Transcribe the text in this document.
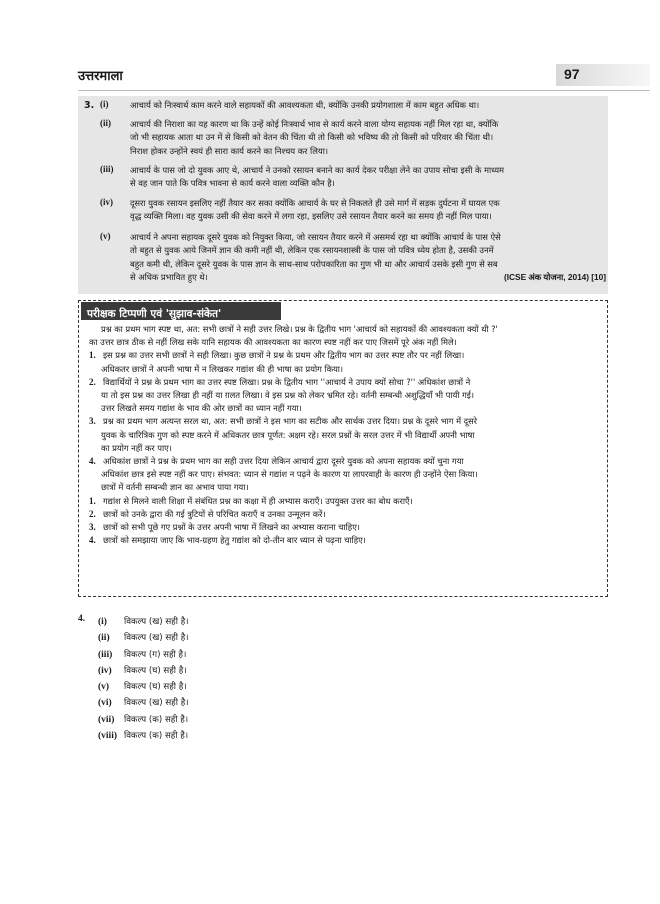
उत्तरमाला	97
3. (i)	आचार्य को निःस्वार्थ काम करने वाले सहायकों की आवश्यकता थी, क्योंकि उनकी प्रयोगशाला में काम बहुत अधिक था।
(ii) आचार्य की निराशा का यह कारण था कि उन्हें कोई निःस्वार्थ भाव से कार्य करने वाला योग्य सहायक नहीं मिल रहा था, क्योंकि
जो भी सहायक आता था उन में से किसी को वेतन की चिंता थी तो किसी को भविष्य की तो किसी को परिवार की चिंता थी।
निराश होकर उन्होंने स्वयं ही सारा कार्य करने का निश्चय कर लिया।
(iii) आचार्य के पास जो दो युवक आए थे, आचार्य ने उनको रसायन बनाने का कार्य देकर परीक्षा लेने का उपाय सोचा इसी के माध्यम
से वह जान पाते कि पवित्र भावना से कार्य करने वाला व्यक्ति कौन है।
(iv) दूसरा युवक रसायन इसलिए नहीं तैयार कर सका क्योंकि आचार्य के घर से निकलते ही उसे मार्ग में सड़क दुर्घटना में घायल एक
वृद्ध व्यक्ति मिला। वह युवक उसी की सेवा करने में लगा रहा, इसलिए उसे रसायन तैयार करने का समय ही नहीं मिल पाया।
(v) आचार्य ने अपना सहायक दूसरे युवक को नियुक्त किया, जो रसायन तैयार करने में असमर्थ रहा था क्योंकि आचार्य के पास ऐसे
तो बहुत से युवक आये जिनमें ज्ञान की कमी नहीं थी, लेकिन एक रसायनशास्त्री के पास जो पवित्र ध्येय होता है, उसकी उनमें
बहुत कमी थी, लेकिन दूसरे युवक के पास ज्ञान के साथ-साथ परोपकारिता का गुण भी था और आचार्य उसके इसी गुण से सब
से अधिक प्रभावित हुए थे।	(ICSE अंक योजना, 2014) [10]
परीक्षक टिप्पणी एवं 'सुझाव-संकेत'
प्रश्न का प्रथम भाग स्पष्ट था, अत: सभी छात्रों ने सही उत्तर लिखे। प्रश्न के द्वितीय भाग 'आचार्य को सहायकों की आवश्यकता क्यों थी ?'
का उत्तर छात्र ठीक से नहीं लिख सके यानि सहायक की आवश्यकता का कारण स्पष्ट नहीं कर पाए जिसमें पूरे अंक नहीं मिले।
1. इस प्रश्न का उत्तर सभी छात्रों ने सही लिखा। कुछ छात्रों ने प्रश्न के प्रथम और द्वितीय भाग का उत्तर स्पष्ट तौर पर नहीं लिखा।
अधिकतर छात्रों ने अपनी भाषा में न लिखकर गद्यांश की ही भाषा का प्रयोग किया।
2. विद्यार्थियों ने प्रश्न के प्रथम भाग का उत्तर स्पष्ट लिखा। प्रश्न के द्वितीय भाग ''आचार्य ने उपाय क्यों सोचा ?'' अधिकांश छात्रों ने
या तो इस प्रश्न का उत्तर लिखा ही नहीं या ग़लत लिखा। वे इस प्रश्न को लेकर भ्रमित रहे। वर्तनी सम्बन्धी अशुद्धियाँ भी पायी गई।
उत्तर लिखते समय गद्यांश के भाव की ओर छात्रों का ध्यान नहीं गया।
3. प्रश्न का प्रथम भाग अत्यन्त सरल था, अत: सभी छात्रों ने इस भाग का सटीक और सार्थक उत्तर दिया। प्रश्न के दूसरे भाग में दूसरे
युवक के चारित्रिक गुण को स्पष्ट करने में अधिकतर छात्र पूर्णत: अक्षम रहे। सरल प्रश्नों के सरल उत्तर में भी विद्यार्थी अपनी भाषा
का प्रयोग नहीं कर पाए।
4. अधिकांश छात्रों ने प्रश्न के प्रथम भाग का सही उत्तर दिया लेकिन आचार्य द्वारा दूसरे युवक को अपना सहायक क्यों चुना गया
अधिकांश छात्र इसे स्पष्ट नहीं कर पाए। संभवत: ध्यान से गद्यांश न पढ़ने के कारण या लापरवाही के कारण ही उन्होंने ऐसा किया।
छात्रों में वर्तनी सम्बन्धी ज्ञान का अभाव पाया गया।
1. गद्यांश से मिलने वाली शिक्षा में संबंधित प्रश्न का कक्षा में ही अभ्यास कराएँ। उपयुक्त उत्तर का बोध कराएँ।
2. छात्रों को उनके द्वारा की गई त्रुटियों से परिचित कराएँ व उनका उन्मूलन करें।
3. छात्रों को सभी पूछे गए प्रश्नों के उत्तर अपनी भाषा में लिखने का अभ्यास कराना चाहिए।
4. छात्रों को समझाया जाए कि भाव-ग्रहण हेतु गद्यांश को दो-तीन बार ध्यान से पढ़ना चाहिए।
4. (i) विकल्प (ख) सही है।
(ii) विकल्प (ख) सही है।
(iii) विकल्प (ग) सही है।
(iv) विकल्प (घ) सही है।
(v) विकल्प (घ) सही है।
(vi) विकल्प (ख) सही है।
(vii) विकल्प (क) सही है।
(viii) विकल्प (क) सही है।
